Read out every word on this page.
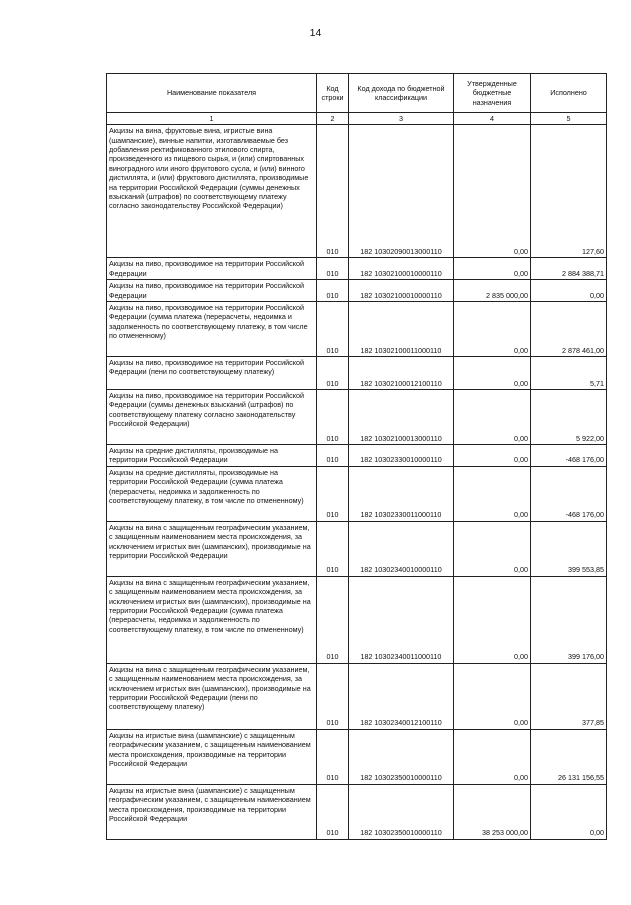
14
Наименование показателя	Код строки	Код дохода по бюджетной классификации	Утвержденные бюджетные назначения	Исполнено
1	2	3	4	5
Акцизы на вина, фруктовые вина, игристые вина (шампанские), винные напитки, изготавливаемые без добавления ректификованного этилового спирта, произведенного из пищевого сырья, и (или) спиртованных виноградного или иного фруктового сусла, и (или) винного дистиллята, и (или) фруктового дистиллята, производимые на территории Российской Федерации (суммы денежных взысканий (штрафов) по соответствующему платежу согласно законодательству Российской Федерации)	010	182 10302090013000110	0,00	127,60
Акцизы на пиво, производимое на территории Российской Федерации	010	182 10302100010000110	0,00	2 884 388,71
Акцизы на пиво, производимое на территории Российской Федерации	010	182 10302100010000110	2 835 000,00	0,00
Акцизы на пиво, производимое на территории Российской Федерации (сумма платежа (перерасчеты, недоимка и задолженность по соответствующему платежу, в том числе по отмененному)	010	182 10302100011000110	0,00	2 878 461,00
Акцизы на пиво, производимое на территории Российской Федерации (пени по соответствующему платежу)	010	182 10302100012100110	0,00	5,71
Акцизы на пиво, производимое на территории Российской Федерации (суммы денежных взысканий (штрафов) по соответствующему платежу согласно законодательству Российской Федерации)	010	182 10302100013000110	0,00	5 922,00
Акцизы на средние дистилляты, производимые на территории Российской Федерации	010	182 10302330010000110	0,00	-468 176,00
Акцизы на средние дистилляты, производимые на территории Российской Федерации (сумма платежа (перерасчеты, недоимка и задолженность по соответствующему платежу, в том числе по отмененному)	010	182 10302330011000110	0,00	-468 176,00
Акцизы на вина с защищенным географическим указанием, с защищенным наименованием места происхождения, за исключением игристых вин (шампанских), производимые на территории Российской Федерации	010	182 10302340010000110	0,00	399 553,85
Акцизы на вина с защищенным географическим указанием, с защищенным наименованием места происхождения, за исключением игристых вин (шампанских), производимые на территории Российской Федерации (сумма платежа (перерасчеты, недоимка и задолженность по соответствующему платежу, в том числе по отмененному)	010	182 10302340011000110	0,00	399 176,00
Акцизы на вина с защищенным географическим указанием, с защищенным наименованием места происхождения, за исключением игристых вин (шампанских), производимые на территории Российской Федерации (пени по соответствующему платежу)	010	182 10302340012100110	0,00	377,85
Акцизы на игристые вина (шампанские) с защищенным географическим указанием, с защищенным наименованием места происхождения, производимые на территории Российской Федерации	010	182 10302350010000110	0,00	26 131 156,55
Акцизы на игристые вина (шампанские) с защищенным географическим указанием, с защищенным наименованием места происхождения, производимые на территории Российской Федерации	010	182 10302350010000110	38 253 000,00	0,00
